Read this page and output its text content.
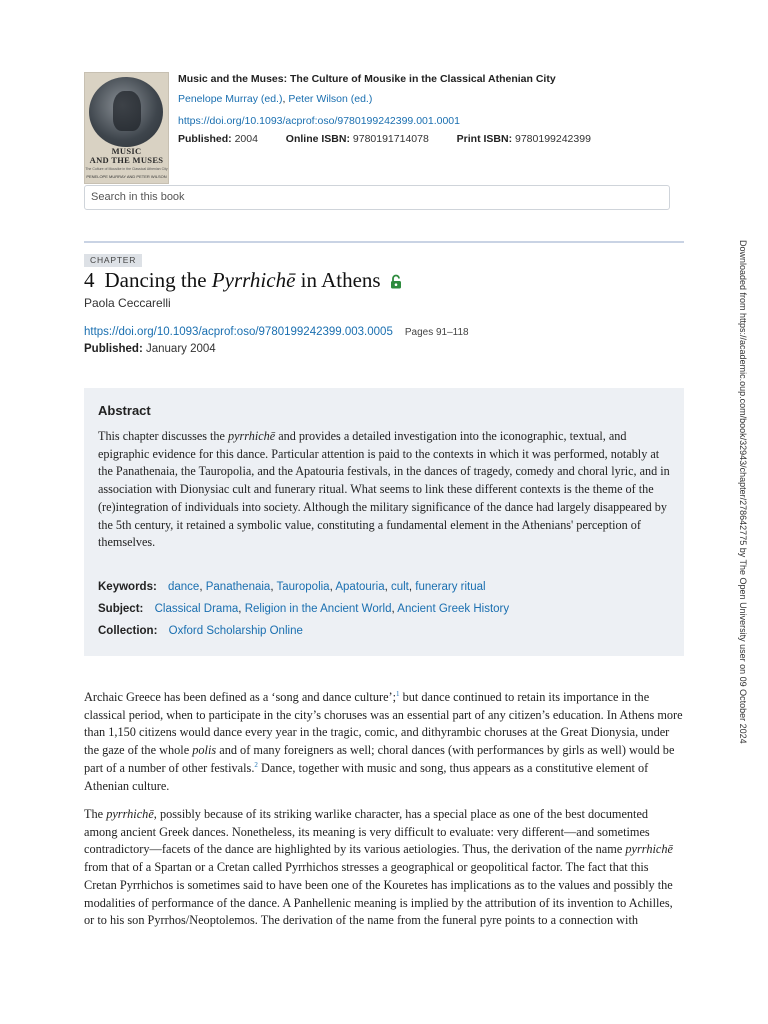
MUSIC
AND THE MUSES
The Culture of Mousike in the Classical Athenian City
PENELOPE MURRAY AND PETER WILSON
Music and the Muses: The Culture of Mousike in the Classical Athenian City
Penelope Murray (ed.), Peter Wilson (ed.)
https://doi.org/10.1093/acprof:oso/9780199242399.001.0001
Published: 2004	Online ISBN: 9780191714078	Print ISBN: 9780199242399
Search in this book
CHAPTER
4 Dancing the Pyrrhichē in Athens
Paola Ceccarelli
https://doi.org/10.1093/acprof:oso/9780199242399.003.0005 Pages 91–118
Published: January 2004
Abstract
This chapter discusses the pyrrhichē and provides a detailed investigation into the iconographic, textual, and epigraphic evidence for this dance. Particular attention is paid to the contexts in which it was performed, notably at the Panathenaia, the Tauropolia, and the Apatouria festivals, in the dances of tragedy, comedy and choral lyric, and in association with Dionysiac cult and funerary ritual. What seems to link these different contexts is the theme of the (re)integration of individuals into society. Although the military significance of the dance had largely disappeared by the 5th century, it retained a symbolic value, constituting a fundamental element in the Athenians' perception of themselves.
Keywords: dance, Panathenaia, Tauropolia, Apatouria, cult, funerary ritual
Subject: Classical Drama, Religion in the Ancient World, Ancient Greek History
Collection: Oxford Scholarship Online
Archaic Greece has been defined as a ‘song and dance culture’;$^1$ but dance continued to retain its importance in the classical period, when to participate in the city’s choruses was an essential part of any citizen’s education. In Athens more than 1,150 citizens would dance every year in the tragic, comic, and dithyrambic choruses at the Great Dionysia, under the gaze of the whole polis and of many foreigners as well; choral dances (with performances by girls as well) would be part of a number of other festivals.$^2$ Dance, together with music and song, thus appears as a constitutive element of Athenian culture.
The pyrrhichē, possibly because of its striking warlike character, has a special place as one of the best documented among ancient Greek dances. Nonetheless, its meaning is very difficult to evaluate: very different—and sometimes contradictory—facets of the dance are highlighted by its various aetiologies. Thus, the derivation of the name pyrrhichē from that of a Spartan or a Cretan called Pyrrhichos stresses a geographical or geopolitical factor. The fact that this Cretan Pyrrhichos is sometimes said to have been one of the Kouretes has implications as to the values and possibly the modalities of performance of the dance. A Panhellenic meaning is implied by the attribution of its invention to Achilles, or to his son Pyrrhos/Neoptolemos. The derivation of the name from the funeral pyre points to a connection with
Downloaded from https://academic.oup.com/book/32943/chapter/278642775 by The Open University user on 09 October 2024
